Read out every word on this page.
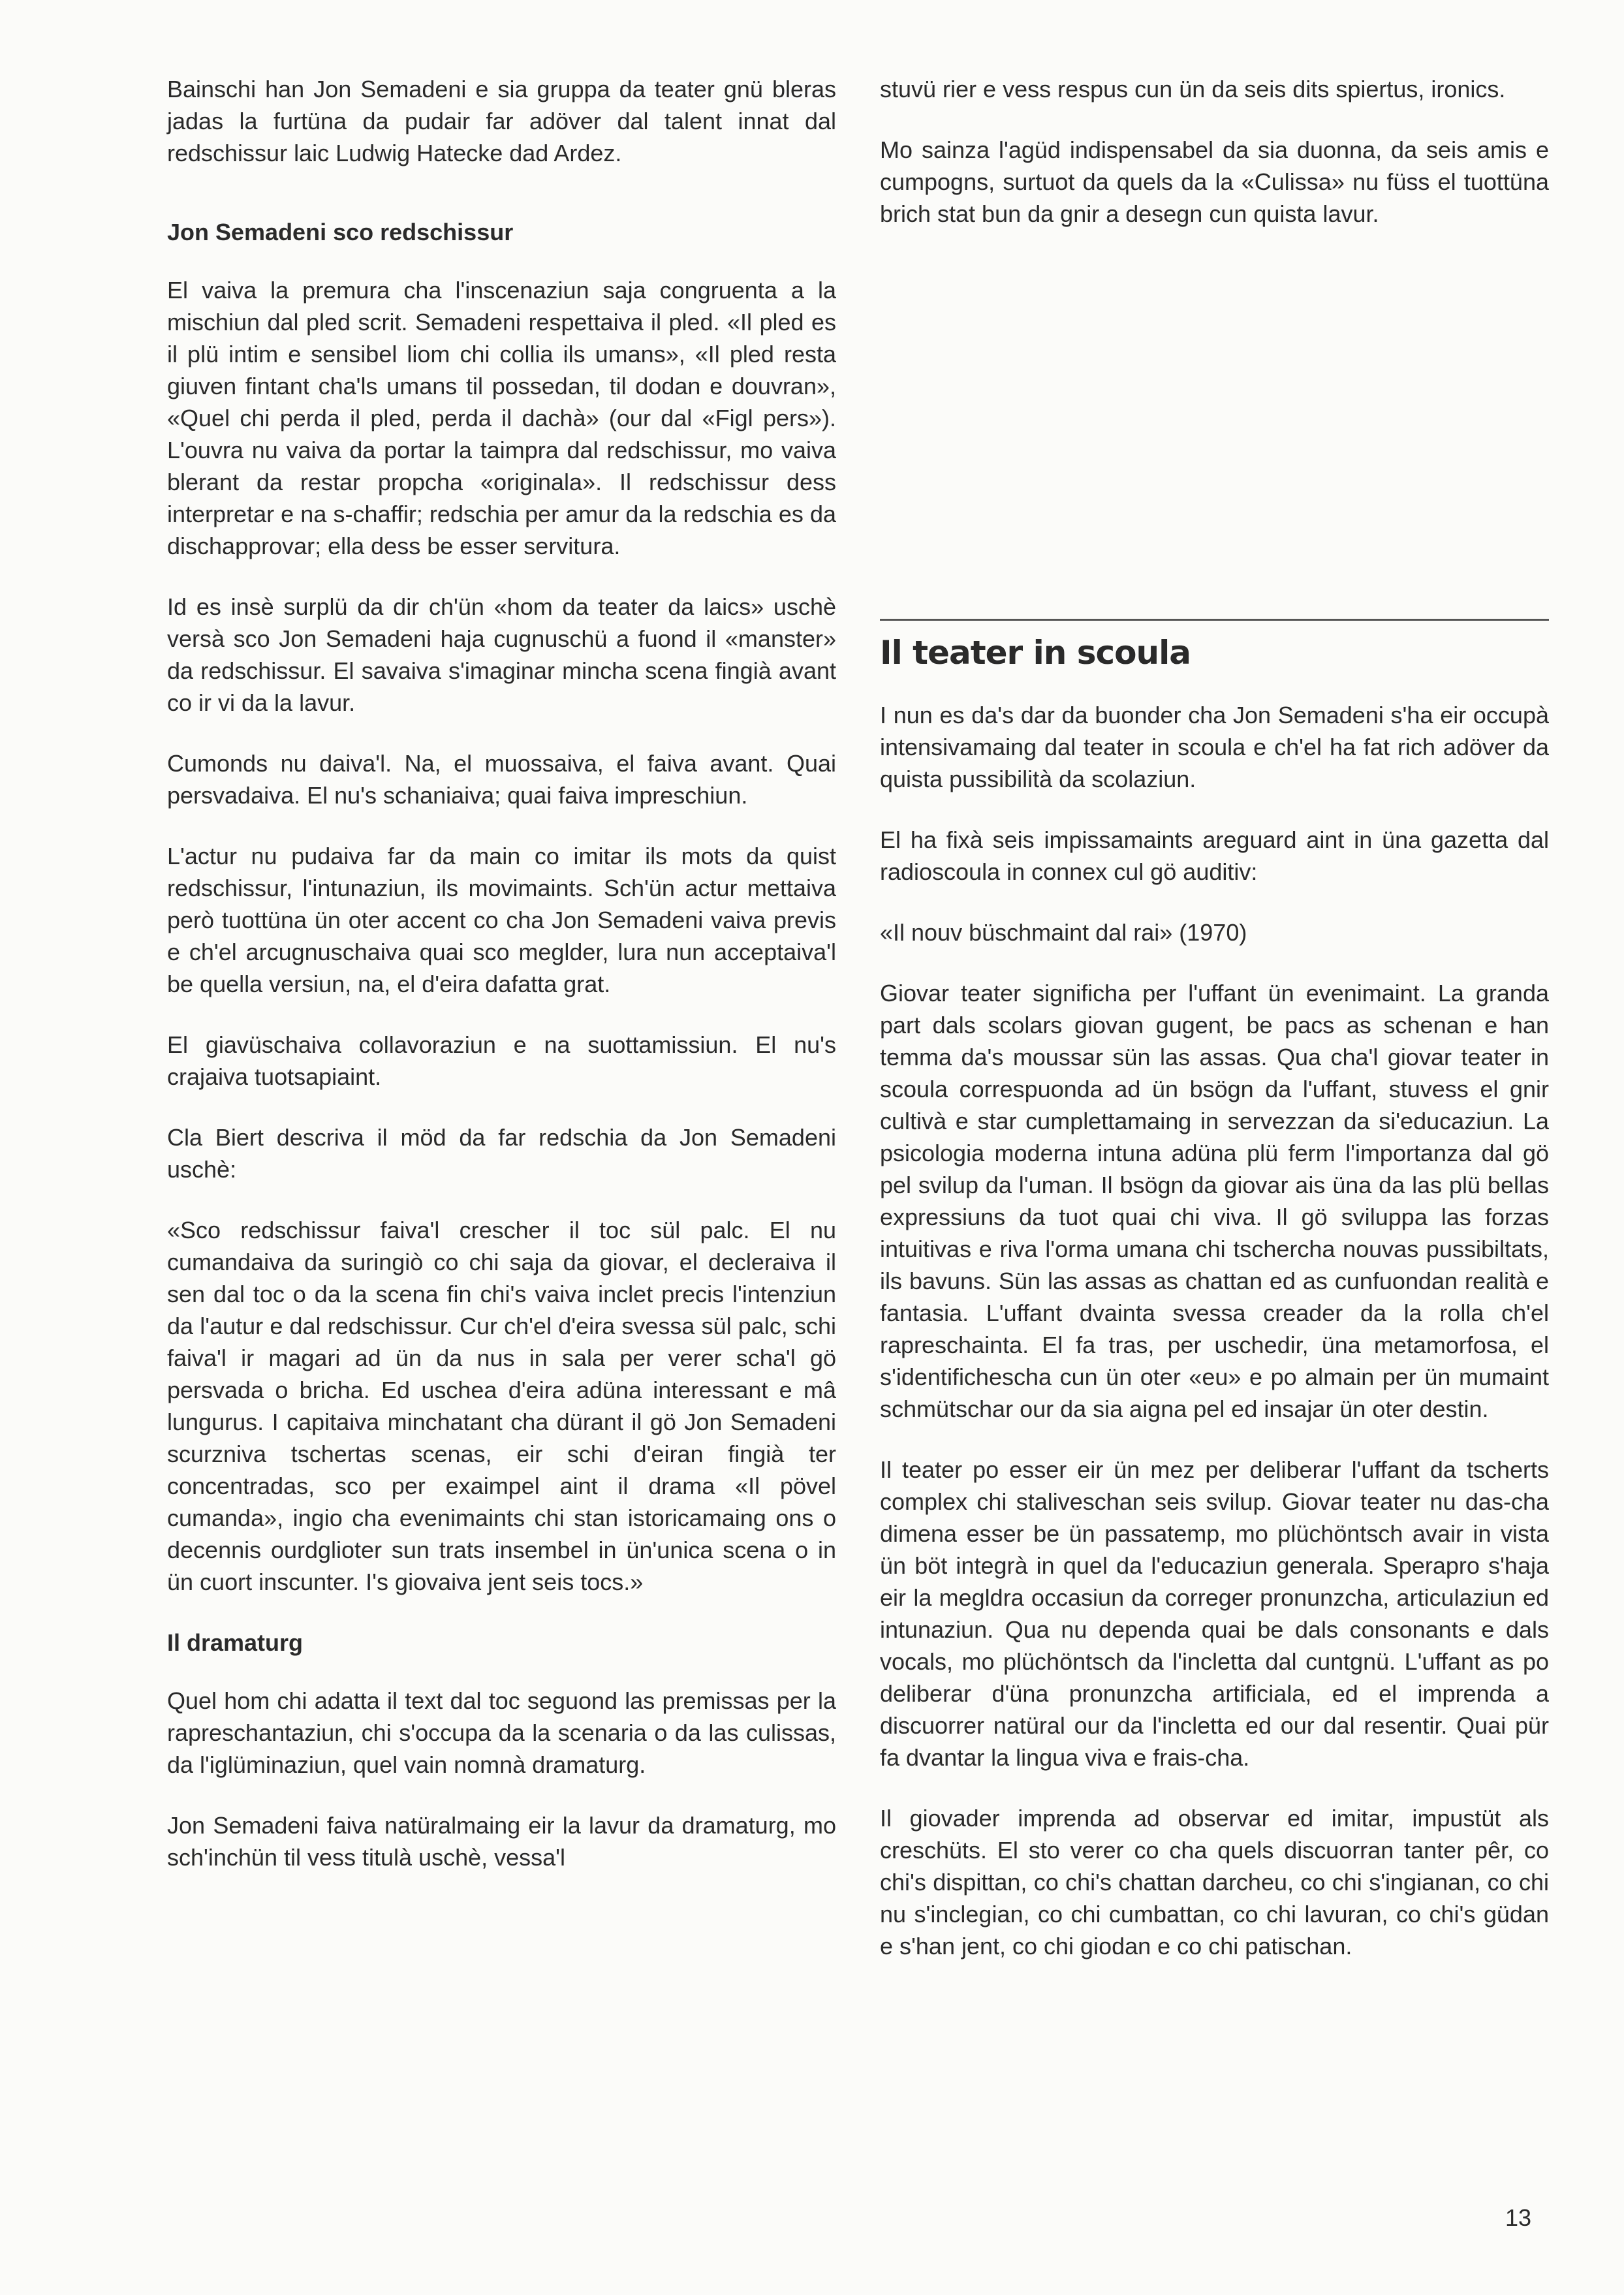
Bainschi han Jon Semadeni e sia gruppa da teater gnü bleras jadas la furtüna da pudair far adöver dal talent innat dal redschissur laic Ludwig Hatecke dad Ardez.

Jon Semadeni sco redschissur

El vaiva la premura cha l'inscenaziun saja congruenta a la mischiun dal pled scrit. Semadeni respettaiva il pled. «Il pled es il plü intim e sensibel liom chi collia ils umans», «Il pled resta giuven fintant cha'ls umans til possedan, til dodan e douvran», «Quel chi perda il pled, perda il dachà» (our dal «Figl pers»). L'ouvra nu vaiva da portar la taimpra dal redschissur, mo vaiva blerant da restar propcha «originala». Il redschissur dess interpretar e na s-chaffir; redschia per amur da la redschia es da dischapprovar; ella dess be esser servitura.

Id es insè surplü da dir ch'ün «hom da teater da laics» uschè versà sco Jon Semadeni haja cugnuschü a fuond il «manster» da redschissur. El savaiva s'imaginar mincha scena fingià avant co ir vi da la lavur.

Cumonds nu daiva'l. Na, el muossaiva, el faiva avant. Quai persvadaiva. El nu's schaniaiva; quai faiva impreschiun.

L'actur nu pudaiva far da main co imitar ils mots da quist redschissur, l'intunaziun, ils movimaints. Sch'ün actur mettaiva però tuottüna ün oter accent co cha Jon Semadeni vaiva previs e ch'el arcugnuschaiva quai sco meglder, lura nun acceptaiva'l be quella versiun, na, el d'eira dafatta grat.

El giavüschaiva collavoraziun e na suottamissiun. El nu's crajaiva tuotsapiaint.

Cla Biert descriva il möd da far redschia da Jon Semadeni uschè:

«Sco redschissur faiva'l crescher il toc sül palc. El nu cumandaiva da suringiò co chi saja da giovar, el decleraiva il sen dal toc o da la scena fin chi's vaiva inclet precis l'intenziun da l'autur e dal redschissur. Cur ch'el d'eira svessa sül palc, schi faiva'l ir magari ad ün da nus in sala per verer scha'l gö persvada o bricha. Ed uschea d'eira adüna interessant e mâ lungurus. I capitaiva minchatant cha dürant il gö Jon Semadeni scurzniva tschertas scenas, eir schi d'eiran fingià ter concentradas, sco per exaimpel aint il drama «Il pövel cumanda», ingio cha evenimaints chi stan istoricamaing ons o decennis ourdglioter sun trats insembel in ün'unica scena o in ün cuort inscunter. I's giovaiva jent seis tocs.»

Il dramaturg

Quel hom chi adatta il text dal toc seguond las premissas per la rapreschantaziun, chi s'occupa da la scenaria o da las culissas, da l'iglüminaziun, quel vain nomnà dramaturg.

Jon Semadeni faiva natüralmaing eir la lavur da dramaturg, mo sch'inchün til vess titulà uschè, vessa'l

stuvü rier e vess respus cun ün da seis dits spiertus, ironics.

Mo sainza l'agüd indispensabel da sia duonna, da seis amis e cumpogns, surtuot da quels da la «Culissa» nu füss el tuottüna brich stat bun da gnir a desegn cun quista lavur.

Il teater in scoula

I nun es da's dar da buonder cha Jon Semadeni s'ha eir occupà intensivamaing dal teater in scoula e ch'el ha fat rich adöver da quista pussibilità da scolaziun.

El ha fixà seis impissamaints areguard aint in üna gazetta dal radioscoula in connex cul gö auditiv:

«Il nouv büschmaint dal rai» (1970)

Giovar teater significha per l'uffant ün evenimaint. La granda part dals scolars giovan gugent, be pacs as schenan e han temma da's moussar sün las assas. Qua cha'l giovar teater in scoula correspuonda ad ün bsögn da l'uffant, stuvess el gnir cultivà e star cumplettamaing in servezzan da si'educaziun. La psicologia moderna intuna adüna plü ferm l'importanza dal gö pel svilup da l'uman. Il bsögn da giovar ais üna da las plü bellas expressiuns da tuot quai chi viva. Il gö sviluppa las forzas intuitivas e riva l'orma umana chi tschercha nouvas pussibiltats, ils bavuns. Sün las assas as chattan ed as cunfuondan realità e fantasia. L'uffant dvainta svessa creader da la rolla ch'el rapreschainta. El fa tras, per uschedir, üna metamorfosa, el s'identifichescha cun ün oter «eu» e po almain per ün mumaint schmütschar our da sia aigna pel ed insajar ün oter destin.

Il teater po esser eir ün mez per deliberar l'uffant da tscherts complex chi staliveschan seis svilup. Giovar teater nu das-cha dimena esser be ün passatemp, mo plüchöntsch avair in vista ün böt integrà in quel da l'educaziun generala. Sperapro s'haja eir la megldra occasiun da correger pronunzcha, articulaziun ed intunaziun. Qua nu dependa quai be dals consonants e dals vocals, mo plüchöntsch da l'incletta dal cuntgnü. L'uffant as po deliberar d'üna pronunzcha artificiala, ed el imprenda a discuorrer natüral our da l'incletta ed our dal resentir. Quai pür fa dvantar la lingua viva e frais-cha.

Il giovader imprenda ad observar ed imitar, impustüt als creschüts. El sto verer co cha quels discuorran tanter pêr, co chi's dispittan, co chi's chattan darcheu, co chi s'ingianan, co chi nu s'inclegian, co chi cumbattan, co chi lavuran, co chi's güdan e s'han jent, co chi giodan e co chi patischan.

13
